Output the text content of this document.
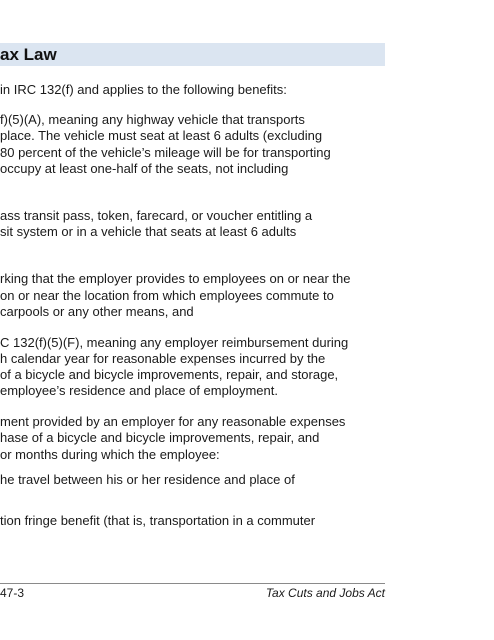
ax Law
in IRC 132(f) and applies to the following benefits:
f)(5)(A), meaning any highway vehicle that transports
place. The vehicle must seat at least 6 adults (excluding
80 percent of the vehicle’s mileage will be for transporting
occupy at least one-half of the seats, not including
ass transit pass, token, farecard, or voucher entitling a
sit system or in a vehicle that seats at least 6 adults
rking that the employer provides to employees on or near the
on or near the location from which employees commute to
carpools or any other means, and
C 132(f)(5)(F), meaning any employer reimbursement during
h calendar year for reasonable expenses incurred by the
of a bicycle and bicycle improvements, repair, and storage,
employee’s residence and place of employment.
ment provided by an employer for any reasonable expenses
hase of a bicycle and bicycle improvements, repair, and
or months during which the employee:
he travel between his or her residence and place of
tion fringe benefit (that is, transportation in a commuter
47-3	Tax Cuts and Jobs Act
